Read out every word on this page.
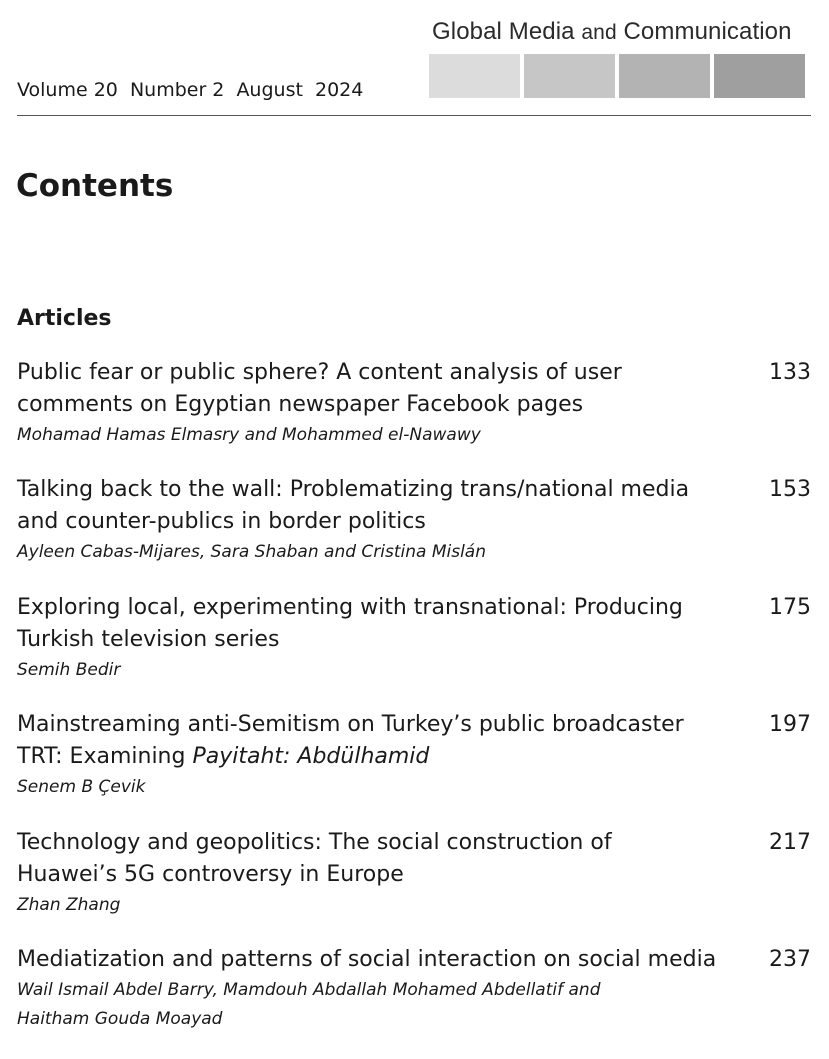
Global Media and Communication
Volume 20 Number 2 August  2024
Contents
Articles
Public fear or public sphere? A content analysis of user
comments on Egyptian newspaper Facebook pages
133
Mohamad Hamas Elmasry and Mohammed el-Nawawy
Talking back to the wall: Problematizing trans/national media
and counter-publics in border politics
153
Ayleen Cabas-Mijares, Sara Shaban and Cristina Mislán
Exploring local, experimenting with transnational: Producing
Turkish television series
175
Semih Bedir
Mainstreaming anti-Semitism on Turkey’s public broadcaster
TRT: Examining Payitaht: Abdülhamid
197
Senem B Çevik
Technology and geopolitics: The social construction of
Huawei’s 5G controversy in Europe
217
Zhan Zhang
Mediatization and patterns of social interaction on social media 237
Wail Ismail Abdel Barry, Mamdouh Abdallah Mohamed Abdellatif and
Haitham Gouda Moayad
